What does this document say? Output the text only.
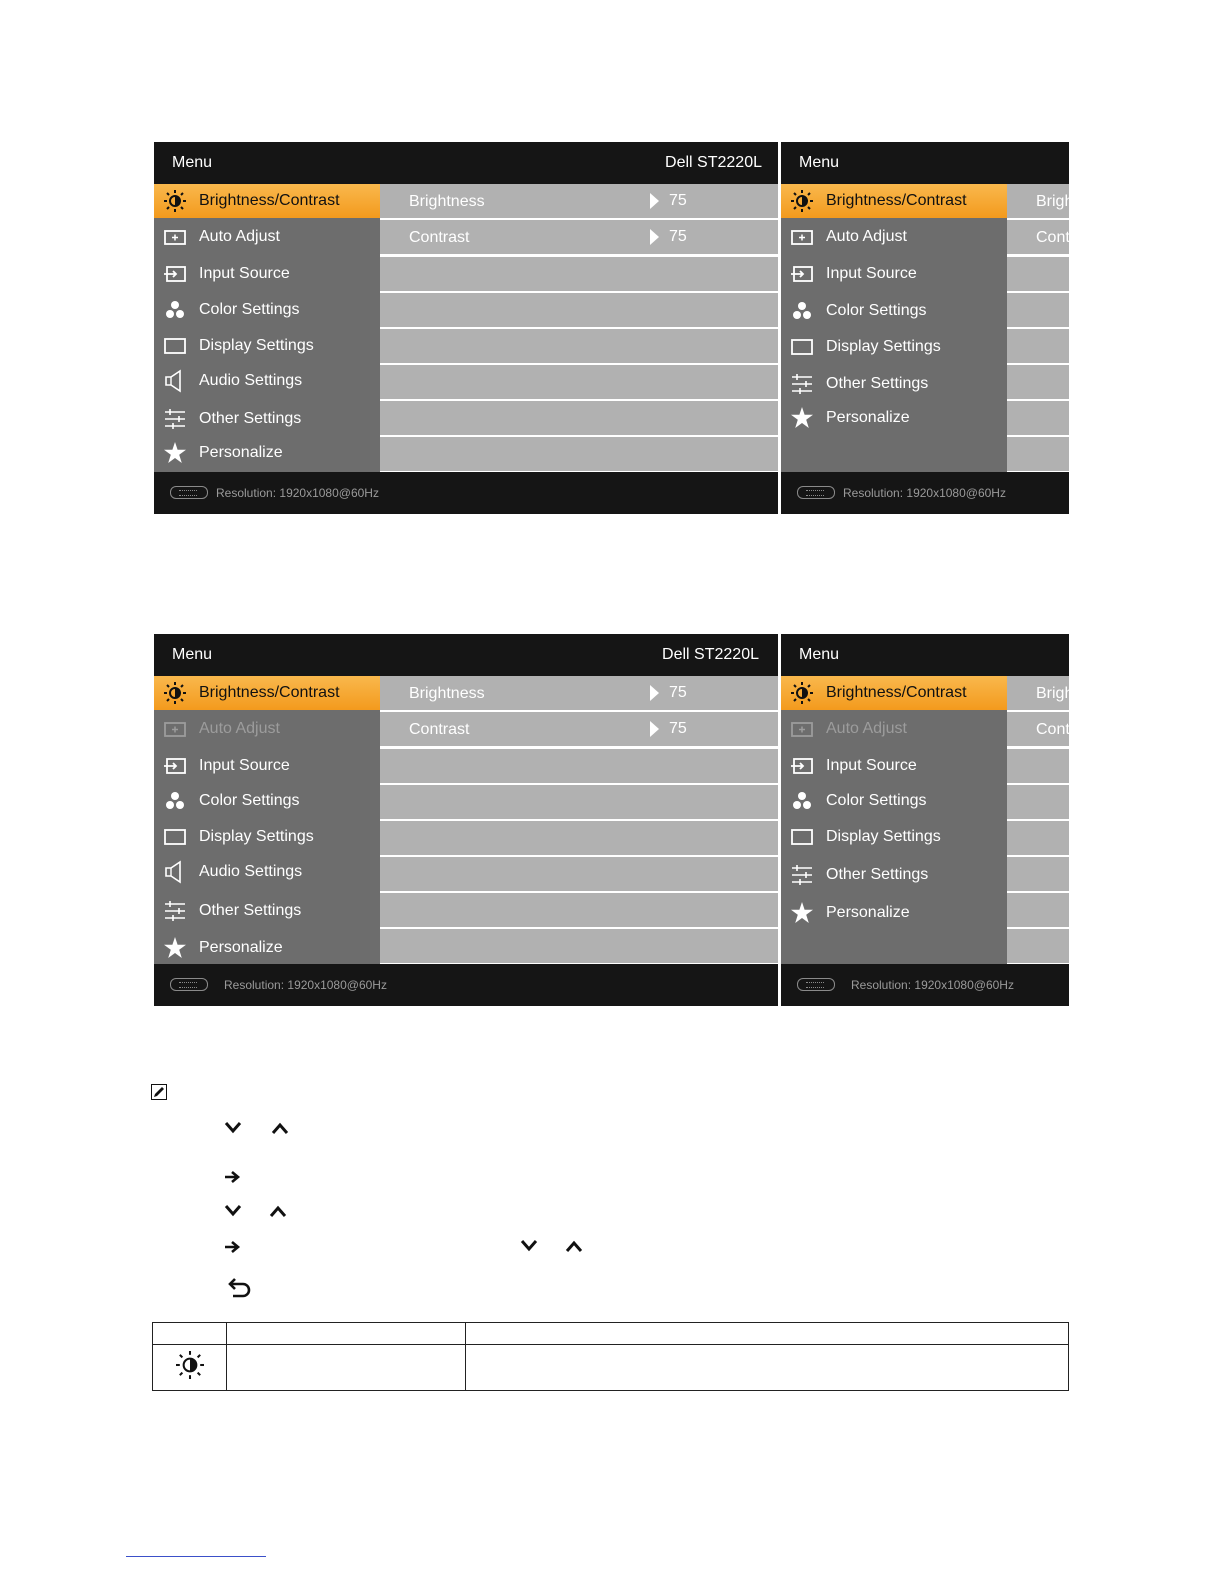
Menu	Dell ST2220L
Brightness/Contrast
Auto Adjust
Input Source
Color Settings
Display Settings
Audio Settings
Other Settings
Personalize
Brightness	75
Contrast	75
Resolution: 1920x1080@60Hz
Menu
Brightness/Contrast
Auto Adjust
Input Source
Color Settings
Display Settings
Other Settings
Personalize
Brigh
Cont
Resolution: 1920x1080@60Hz
Menu	Dell ST2220L
Brightness/Contrast
Auto Adjust
Input Source
Color Settings
Display Settings
Audio Settings
Other Settings
Personalize
Brightness	75
Contrast	75
Resolution: 1920x1080@60Hz
Menu
Brightness/Contrast
Auto Adjust
Input Source
Color Settings
Display Settings
Other Settings
Personalize
Brigh
Cont
Resolution: 1920x1080@60Hz
